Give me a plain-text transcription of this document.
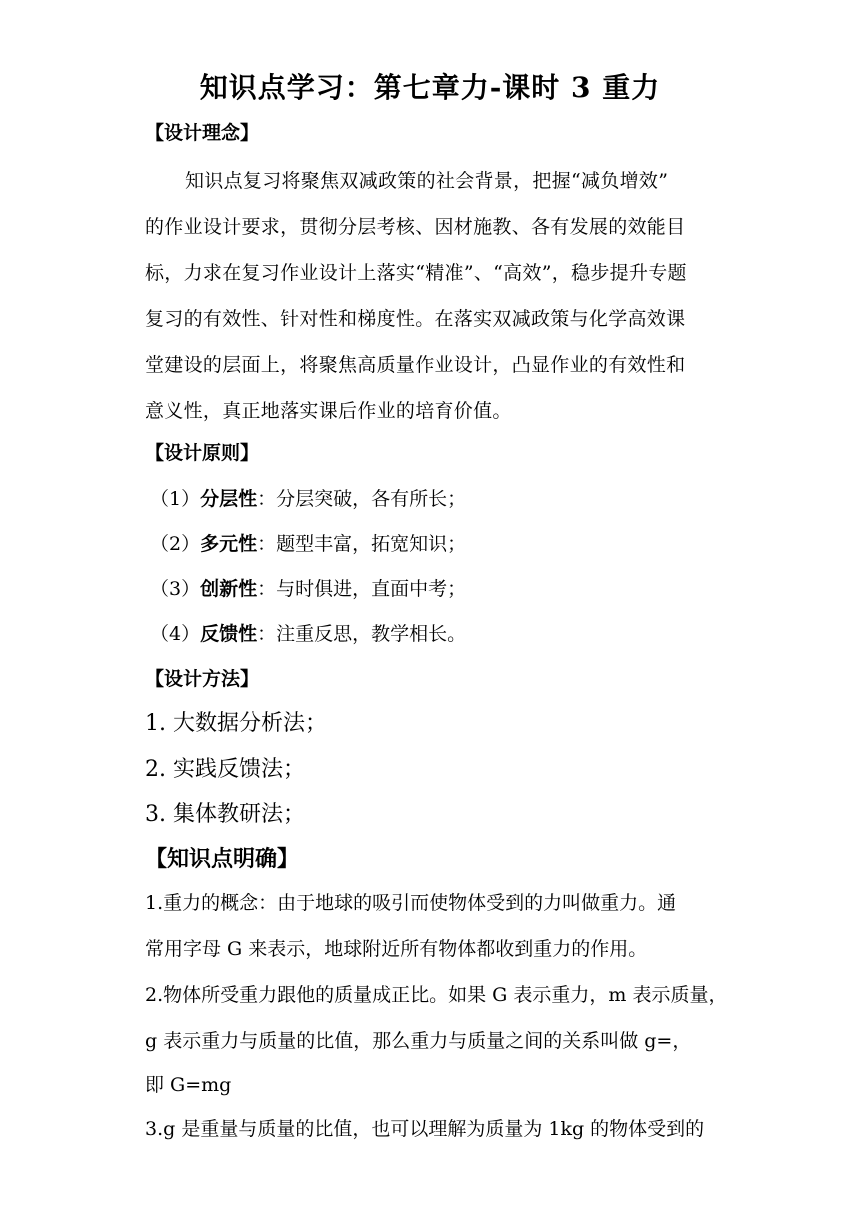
知识点学习：第七章力-课时 3 重力
【设计理念】
知识点复习将聚焦双减政策的社会背景，把握“减负增效”
的作业设计要求，贯彻分层考核、因材施教、各有发展的效能目
标，力求在复习作业设计上落实“精准”、“高效”，稳步提升专题
复习的有效性、针对性和梯度性。在落实双减政策与化学高效课
堂建设的层面上，将聚焦高质量作业设计，凸显作业的有效性和
意义性，真正地落实课后作业的培育价值。
【设计原则】
（1）分层性：分层突破，各有所长；
（2）多元性：题型丰富，拓宽知识；
（3）创新性：与时俱进，直面中考；
（4）反馈性：注重反思，教学相长。
【设计方法】
1. 大数据分析法；
2. 实践反馈法；
3. 集体教研法；
【知识点明确】
1.重力的概念：由于地球的吸引而使物体受到的力叫做重力。通
常用字母 G 来表示，地球附近所有物体都收到重力的作用。
2.物体所受重力跟他的质量成正比。如果 G 表示重力，m 表示质量，
g 表示重力与质量的比值，那么重力与质量之间的关系叫做 g=，
即 G=mg
3.g 是重量与质量的比值，也可以理解为质量为 1kg 的物体受到的
